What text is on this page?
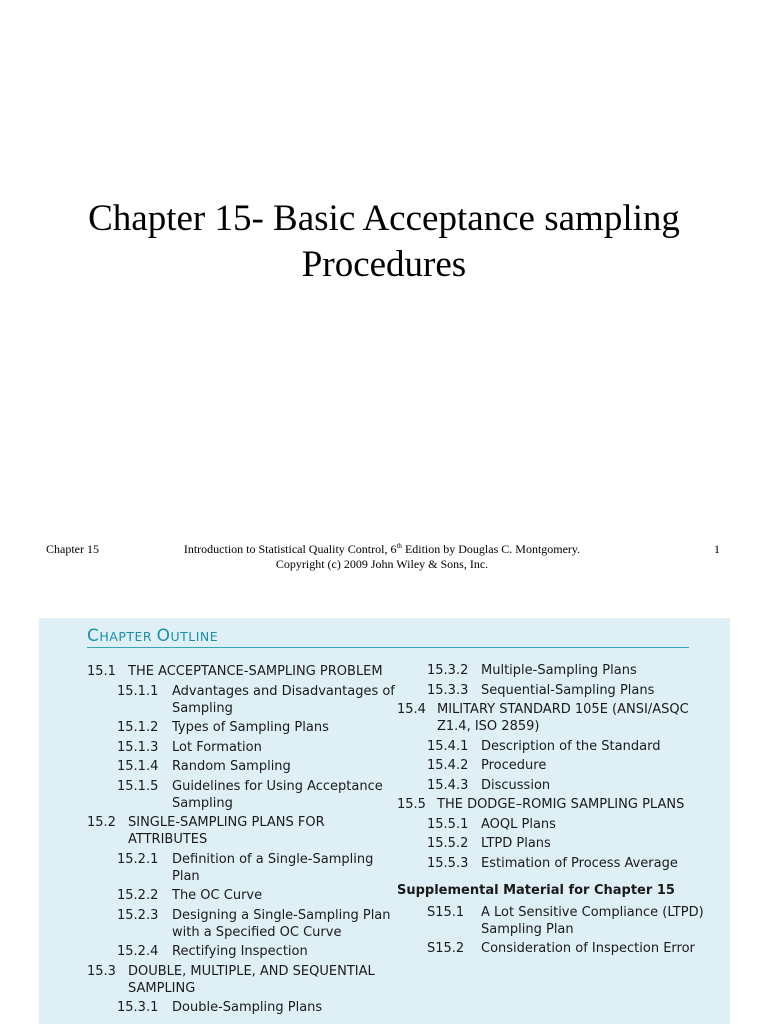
Chapter 15- Basic Acceptance sampling
Procedures
Chapter 15	Introduction to Statistical Quality Control, 6th Edition by Douglas C. Montgomery.
Copyright (c) 2009 John Wiley & Sons, Inc.
1
CHAPTER OUTLINE
15.1 THE ACCEPTANCE-SAMPLING PROBLEM
15.1.1 Advantages and Disadvantages of Sampling
15.1.2 Types of Sampling Plans
15.1.3 Lot Formation
15.1.4 Random Sampling
15.1.5 Guidelines for Using Acceptance Sampling
15.2 SINGLE-SAMPLING PLANS FOR ATTRIBUTES
15.2.1 Definition of a Single-Sampling Plan
15.2.2 The OC Curve
15.2.3 Designing a Single-Sampling Plan with a Specified OC Curve
15.2.4 Rectifying Inspection
15.3 DOUBLE, MULTIPLE, AND SEQUENTIAL SAMPLING
15.3.1 Double-Sampling Plans
15.3.2 Multiple-Sampling Plans
15.3.3 Sequential-Sampling Plans
15.4 MILITARY STANDARD 105E (ANSI/ASQC Z1.4, ISO 2859)
15.4.1 Description of the Standard
15.4.2 Procedure
15.4.3 Discussion
15.5 THE DODGE–ROMIG SAMPLING PLANS
15.5.1 AOQL Plans
15.5.2 LTPD Plans
15.5.3 Estimation of Process Average
Supplemental Material for Chapter 15
S15.1 A Lot Sensitive Compliance (LTPD) Sampling Plan
S15.2 Consideration of Inspection Error
